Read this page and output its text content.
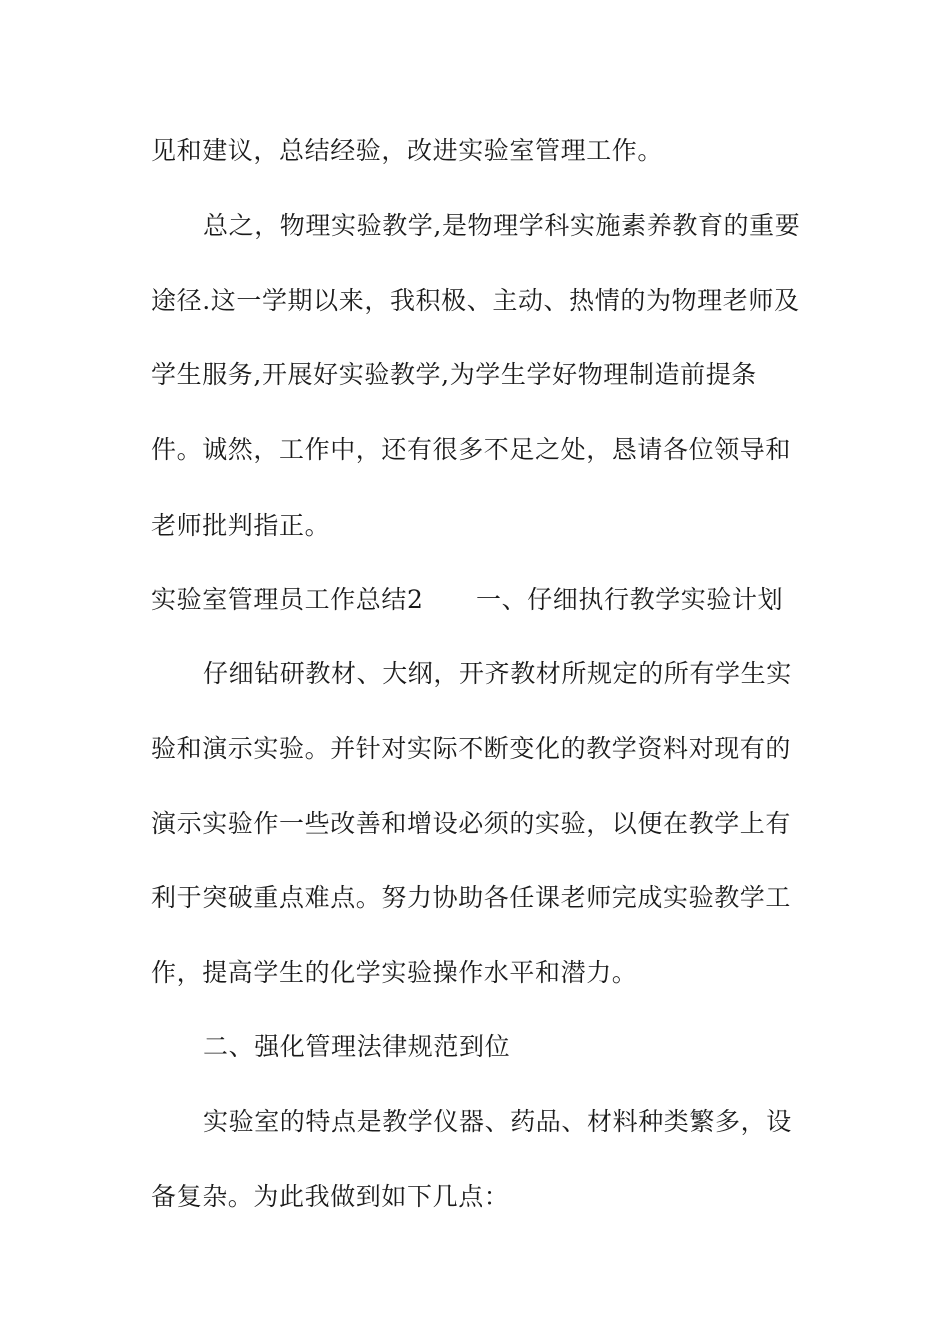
见和建议，总结经验，改进实验室管理工作。
总之，物理实验教学,是物理学科实施素养教育的重要
途径.这一学期以来，我积极、主动、热情的为物理老师及
学生服务,开展好实验教学,为学生学好物理制造前提条
件。诚然，工作中，还有很多不足之处，恳请各位领导和
老师批判指正。
实验室管理员工作总结2 一、仔细执行教学实验计划
仔细钻研教材、大纲，开齐教材所规定的所有学生实
验和演示实验。并针对实际不断变化的教学资料对现有的
演示实验作一些改善和增设必须的实验，以便在教学上有
利于突破重点难点。努力协助各任课老师完成实验教学工
作，提高学生的化学实验操作水平和潜力。
二、强化管理法律规范到位
实验室的特点是教学仪器、药品、材料种类繁多，设
备复杂。为此我做到如下几点：
